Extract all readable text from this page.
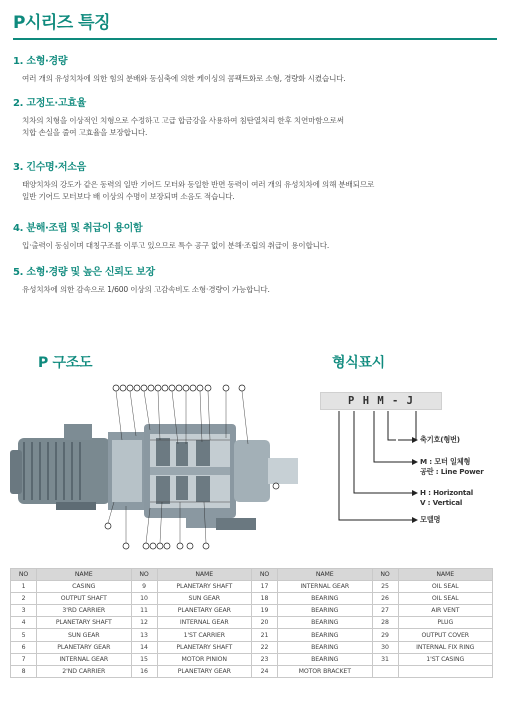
P시리즈 특징
1. 소형·경량

여러 개의 유성치차에 의한 힘의 분배와 동심축에 의한 케이싱의 콤팩트화로 소형, 경량화 시켰습니다.

2. 고정도·고효율

치차의 치형을 이상적인 치형으로 수정하고 고급 합금강을 사용하여 침탄열처리 한후 치연마함으로써
치합 손실을 줄여 고효율을 보장합니다.

3. 긴수명·저소음

태양치차의 강도가 같은 동력의 일반 기어드 모터와 동일한 반면 동력이 여러 개의 유성치차에 의해 분배되므로
일반 기어드 모터보다 배 이상의 수명이 보장되며 소음도 적습니다.

4. 분해·조립 및 취급이 용이함

입·출력이 동심이며 대칭구조를 이루고 있으므로 특수 공구 없이 분해·조립의 취급이 용이합니다.

5. 소형·경량 및 높은 신뢰도 보장

유성치차에 의한 감속으로 1/600 이상의 고감속비도 소형·경량이 가능합니다.

P 구조도	형식표시
P H M - J
축기호(형번)
M : 모터 일체형
공란 : Line Power
H : Horizontal
V : Vertical
모델명
NO	NAME	NO	NAME	NO	NAME	NO	NAME
1	CASING	9	PLANETARY SHAFT	17	INTERNAL GEAR	25	OIL SEAL
2	OUTPUT SHAFT	10	SUN GEAR	18	BEARING	26	OIL SEAL
3	3'RD CARRIER	11	PLANETARY GEAR	19	BEARING	27	AIR VENT
4	PLANETARY SHAFT	12	INTERNAL GEAR	20	BEARING	28	PLUG
5	SUN GEAR	13	1'ST CARRIER	21	BEARING	29	OUTPUT COVER
6	PLANETARY GEAR	14	PLANETARY SHAFT	22	BEARING	30	INTERNAL FIX RING
7	INTERNAL GEAR	15	MOTOR PINION	23	BEARING	31	1'ST CASING
8	2'ND CARRIER	16	PLANETARY GEAR	24	MOTOR BRACKET		
